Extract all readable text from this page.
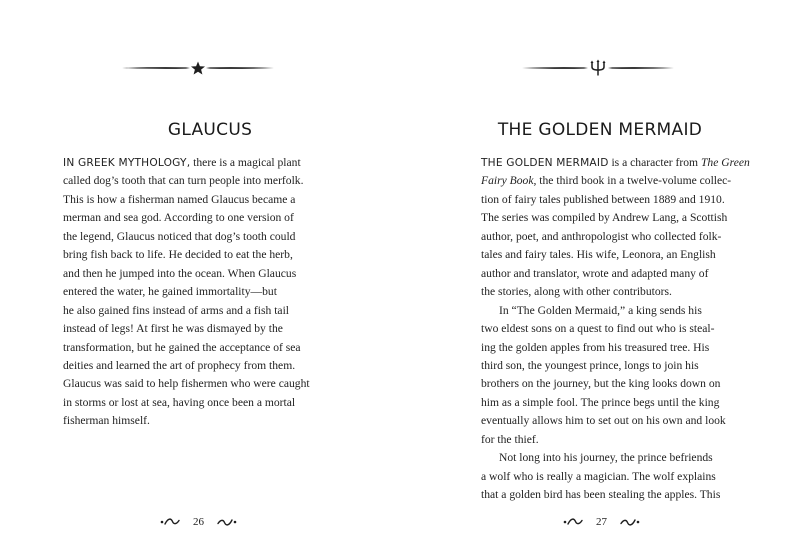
GLAUCUS
IN GREEK MYTHOLOGY, there is a magical plant
called dog’s tooth that can turn people into merfolk.
This is how a fisherman named Glaucus became a
merman and sea god. According to one version of
the legend, Glaucus noticed that dog’s tooth could
bring fish back to life. He decided to eat the herb,
and then he jumped into the ocean. When Glaucus
entered the water, he gained immortality—but
he also gained fins instead of arms and a fish tail
instead of legs! At first he was dismayed by the
transformation, but he gained the acceptance of sea
deities and learned the art of prophecy from them.
Glaucus was said to help fishermen who were caught
in storms or lost at sea, having once been a mortal
fisherman himself.
26
THE GOLDEN MERMAID
THE GOLDEN MERMAID is a character from The Green
Fairy Book, the third book in a twelve-volume collec-
tion of fairy tales published between 1889 and 1910.
The series was compiled by Andrew Lang, a Scottish
author, poet, and anthropologist who collected folk-
tales and fairy tales. His wife, Leonora, an English
author and translator, wrote and adapted many of
the stories, along with other contributors.
In “The Golden Mermaid,” a king sends his
two eldest sons on a quest to find out who is steal-
ing the golden apples from his treasured tree. His
third son, the youngest prince, longs to join his
brothers on the journey, but the king looks down on
him as a simple fool. The prince begs until the king
eventually allows him to set out on his own and look
for the thief.
Not long into his journey, the prince befriends
a wolf who is really a magician. The wolf explains
that a golden bird has been stealing the apples. This
27
